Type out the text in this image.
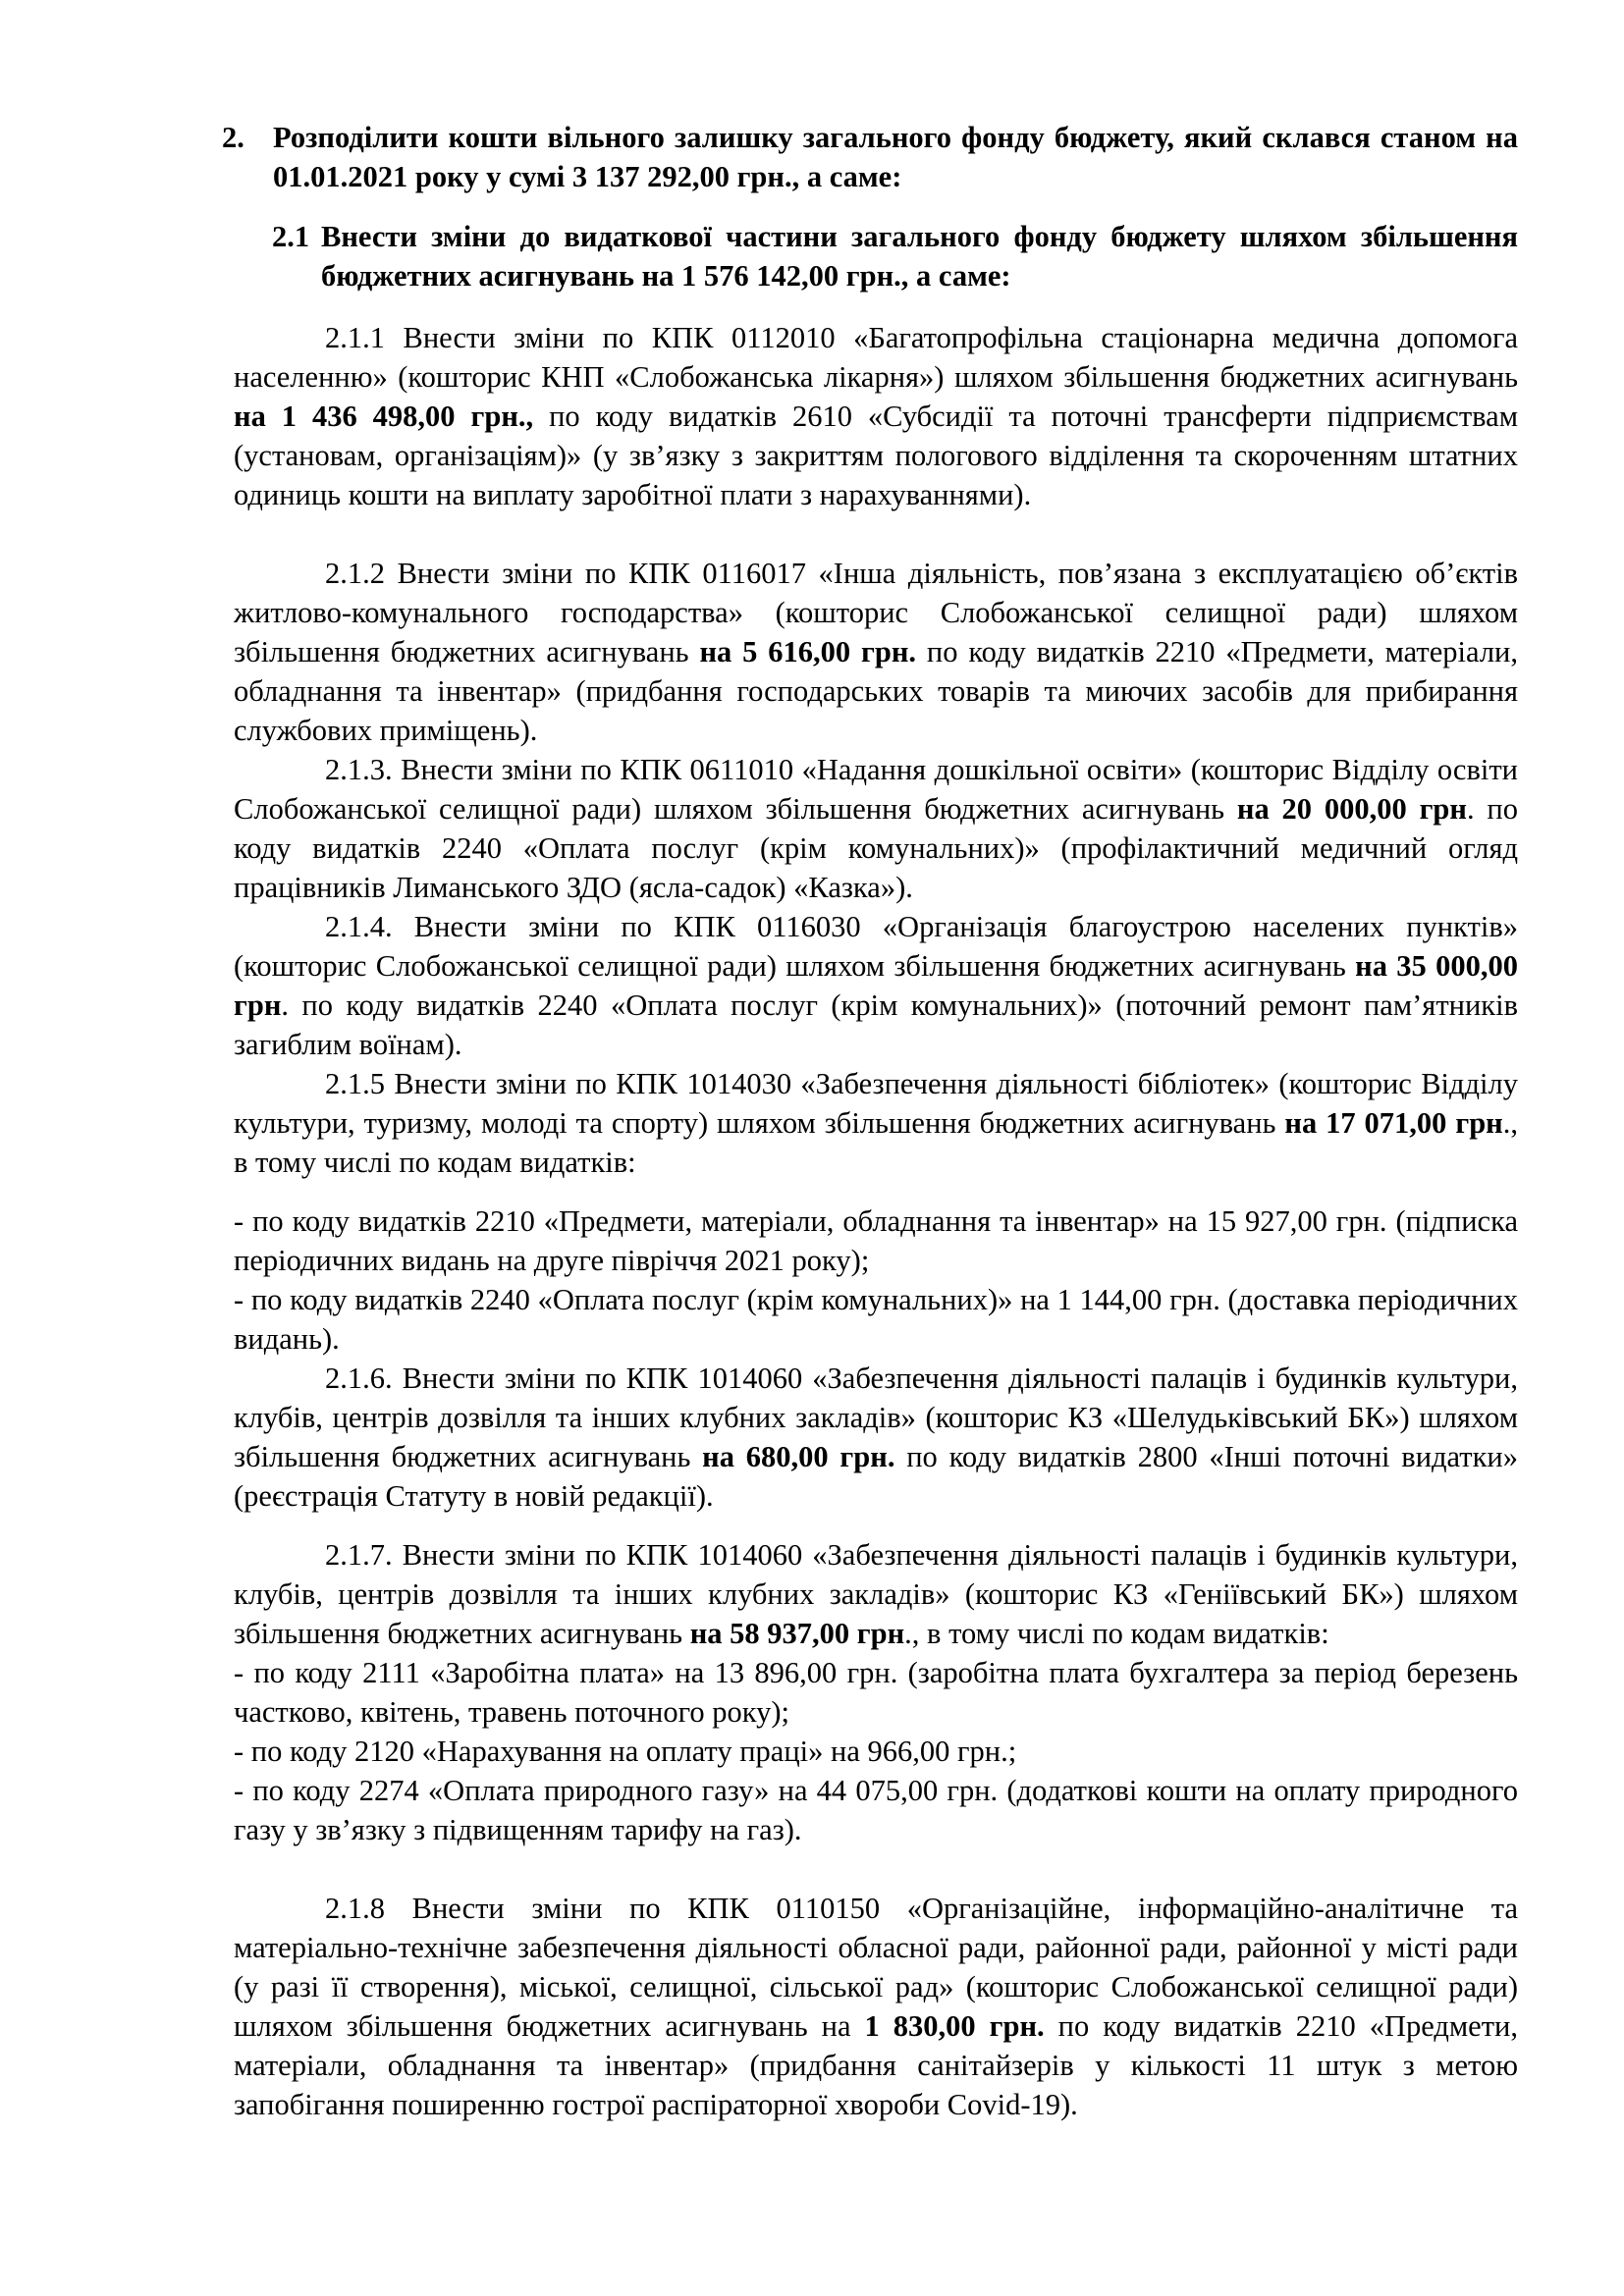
2. Розподілити кошти вільного залишку загального фонду бюджету, який склався станом на 01.01.2021 року у сумі 3 137 292,00 грн., а саме:
2.1 Внести зміни до видаткової частини загального фонду бюджету шляхом збільшення бюджетних асигнувань на 1 576 142,00 грн., а саме:

2.1.1 Внести зміни по КПК 0112010 «Багатопрофільна стаціонарна медична допомога населенню» (кошторис КНП «Слобожанська лікарня») шляхом збільшення бюджетних асигнувань на 1 436 498,00 грн., по коду видатків 2610 «Субсидії та поточні трансферти підприємствам (установам, організаціям)» (у зв’язку з закриттям пологового відділення та скороченням штатних одиниць кошти на виплату заробітної плати з нарахуваннями).

2.1.2 Внести зміни по КПК 0116017 «Інша діяльність, пов’язана з експлуатацією об’єктів житлово-комунального господарства» (кошторис Слобожанської селищної ради) шляхом збільшення бюджетних асигнувань на 5 616,00 грн. по коду видатків 2210 «Предмети, матеріали, обладнання та інвентар» (придбання господарських товарів та миючих засобів для прибирання службових приміщень).

2.1.3. Внести зміни по КПК 0611010 «Надання дошкільної освіти» (кошторис Відділу освіти Слобожанської селищної ради) шляхом збільшення бюджетних асигнувань на 20 000,00 грн. по коду видатків 2240 «Оплата послуг (крім комунальних)» (профілактичний медичний огляд працівників Лиманського ЗДО (ясла-садок) «Казка»).

2.1.4. Внести зміни по КПК 0116030 «Організація благоустрою населених пунктів» (кошторис Слобожанської селищної ради) шляхом збільшення бюджетних асигнувань на 35 000,00 грн. по коду видатків 2240 «Оплата послуг (крім комунальних)» (поточний ремонт пам’ятників загиблим воїнам).

2.1.5 Внести зміни по КПК 1014030 «Забезпечення діяльності бібліотек» (кошторис Відділу культури, туризму, молоді та спорту) шляхом збільшення бюджетних асигнувань на 17 071,00 грн., в тому числі по кодам видатків:

- по коду видатків 2210 «Предмети, матеріали, обладнання та інвентар» на 15 927,00 грн. (підписка періодичних видань на друге півріччя 2021 року);

- по коду видатків 2240 «Оплата послуг (крім комунальних)» на 1 144,00 грн. (доставка періодичних видань).

2.1.6. Внести зміни по КПК 1014060 «Забезпечення діяльності палаців і будинків культури, клубів, центрів дозвілля та інших клубних закладів» (кошторис КЗ «Шелудьківський БК») шляхом збільшення бюджетних асигнувань на 680,00 грн. по коду видатків 2800 «Інші поточні видатки» (реєстрація Статуту в новій редакції).

2.1.7. Внести зміни по КПК 1014060 «Забезпечення діяльності палаців і будинків культури, клубів, центрів дозвілля та інших клубних закладів» (кошторис КЗ «Геніївський БК») шляхом збільшення бюджетних асигнувань на 58 937,00 грн., в тому числі по кодам видатків:

- по коду 2111 «Заробітна плата» на 13 896,00 грн. (заробітна плата бухгалтера за період березень частково, квітень, травень поточного року);

- по коду 2120 «Нарахування на оплату праці» на 966,00 грн.;

- по коду 2274 «Оплата природного газу» на 44 075,00 грн. (додаткові кошти на оплату природного газу у зв’язку з підвищенням тарифу на газ).

2.1.8 Внести зміни по КПК 0110150 «Організаційне, інформаційно-аналітичне та матеріально-технічне забезпечення діяльності обласної ради, районної ради, районної у місті ради (у разі її створення), міської, селищної, сільської рад» (кошторис Слобожанської селищної ради) шляхом збільшення бюджетних асигнувань на 1 830,00 грн. по коду видатків 2210 «Предмети, матеріали, обладнання та інвентар» (придбання санітайзерів у кількості 11 штук з метою запобігання поширенню гострої распіраторної хвороби Covid-19).
